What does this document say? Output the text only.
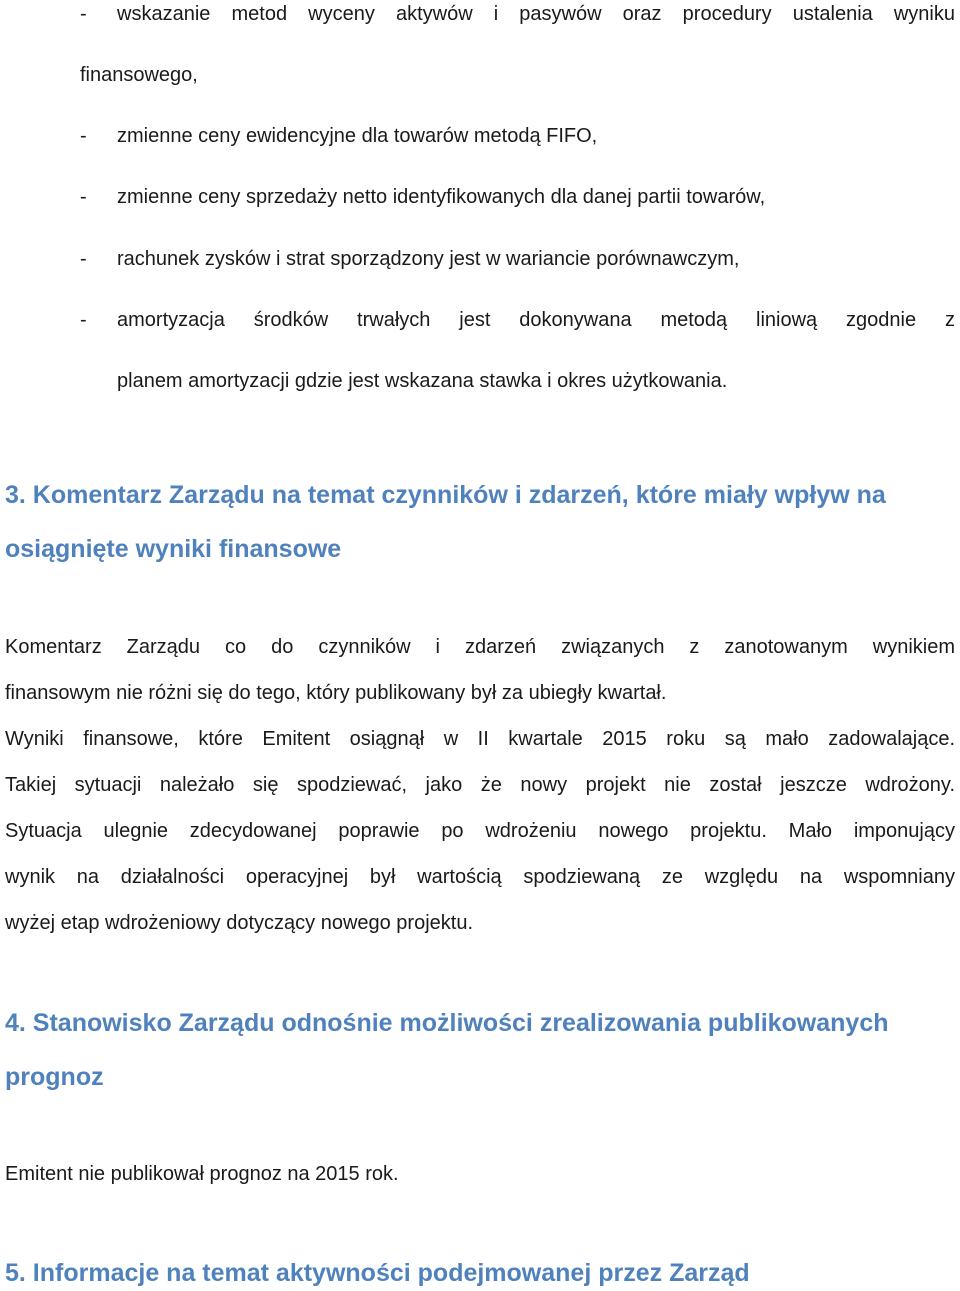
- wskazanie metod wyceny aktywów i pasywów oraz procedury ustalenia wyniku
finansowego,
- zmienne ceny ewidencyjne dla towarów metodą FIFO,
- zmienne ceny sprzedaży netto identyfikowanych dla danej partii towarów,
- rachunek zysków i strat sporządzony jest w wariancie porównawczym,
- amortyzacja środków trwałych jest dokonywana metodą liniową zgodnie z
planem amortyzacji gdzie jest wskazana stawka i okres użytkowania.
3. Komentarz Zarządu na temat czynników i zdarzeń, które miały wpływ na
osiągnięte wyniki finansowe
Komentarz Zarządu co do czynników i zdarzeń związanych z zanotowanym wynikiem
finansowym nie różni się do tego, który publikowany był za ubiegły kwartał.
Wyniki finansowe, które Emitent osiągnął w II kwartale 2015 roku są mało zadowalające.
Takiej sytuacji należało się spodziewać, jako że nowy projekt nie został jeszcze wdrożony.
Sytuacja ulegnie zdecydowanej poprawie po wdrożeniu nowego projektu. Mało imponujący
wynik na działalności operacyjnej był wartością spodziewaną ze względu na wspomniany
wyżej etap wdrożeniowy dotyczący nowego projektu.
4. Stanowisko Zarządu odnośnie możliwości zrealizowania publikowanych
prognoz
Emitent nie publikował prognoz na 2015 rok.
5. Informacje na temat aktywności podejmowanej przez Zarząd
